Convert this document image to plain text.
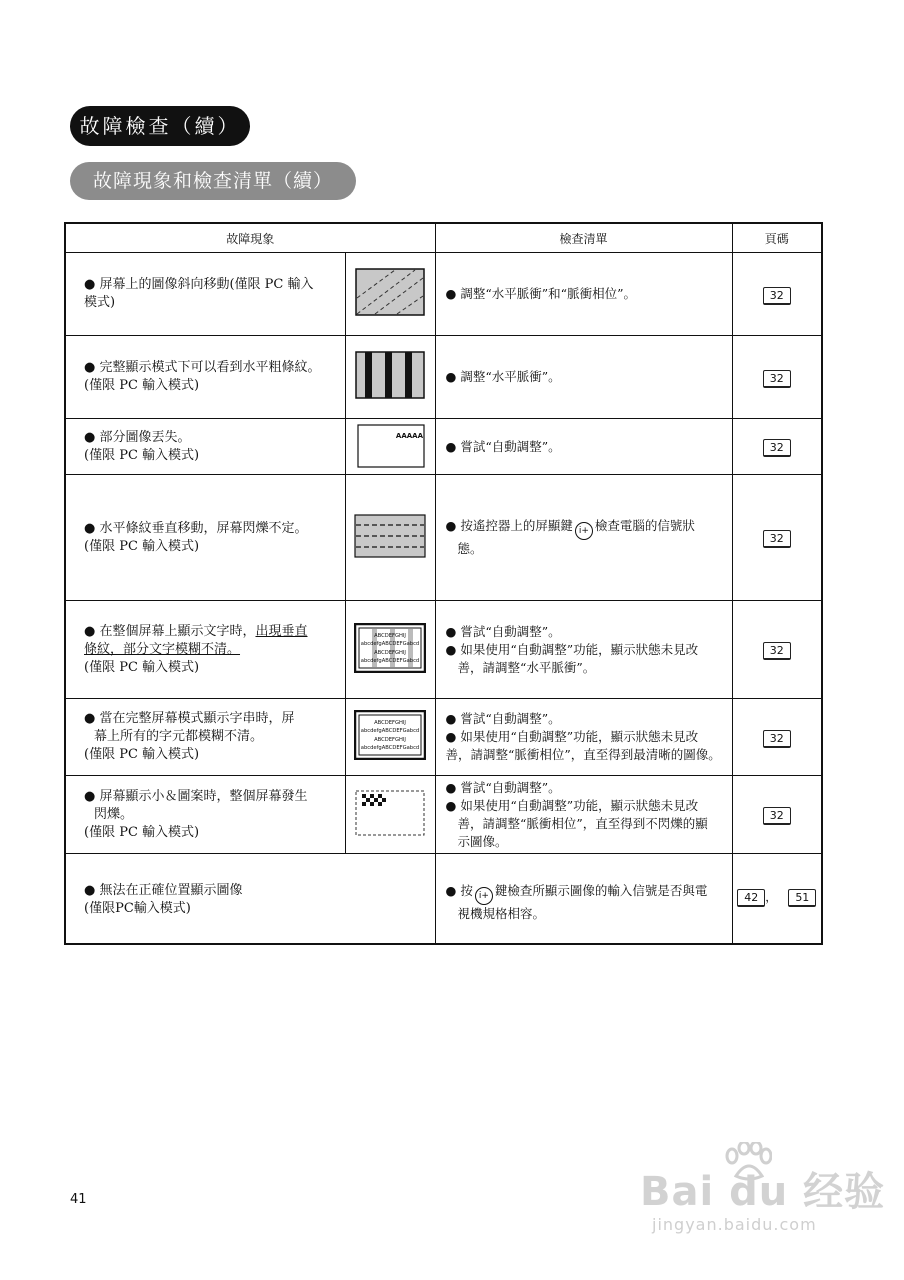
故障檢查（續）
故障現象和檢查清單（續）
故障現象		檢查清單	頁碼

● 屏幕上的圖像斜向移動(僅限 PC 輸入
模式)		● 調整“水平脈衝”和“脈衝相位”。	32

● 完整顯示模式下可以看到水平粗條紋。
(僅限 PC 輸入模式)		● 調整“水平脈衝”。	32

● 部分圖像丟失。
(僅限 PC 輸入模式)	AAAAA	● 嘗試“自動調整”。	32

● 水平條紋垂直移動，屏幕閃爍不定。
(僅限 PC 輸入模式)		● 按遙控器上的屏顯鍵 i+ 檢查電腦的信號狀
態。	32

● 在整個屏幕上顯示文字時，出現垂直
條紋，部分文字模糊不清。
(僅限 PC 輸入模式)	ABCDEFGHIJ
abcdefgABCDEFGabcd
ABCDEFGHIJ
abcdefgABCDEFGabcd	● 嘗試“自動調整”。
● 如果使用“自動調整”功能，顯示狀態未見改
善，請調整“水平脈衝”。	32

● 當在完整屏幕模式顯示字串時，屏
幕上所有的字元都模糊不清。
(僅限 PC 輸入模式)	ABCDEFGHIJ
abcdefgABCDEFGabcd
ABCDEFGHIJ
abcdefgABCDEFGabcd	● 嘗試“自動調整”。
● 如果使用“自動調整”功能，顯示狀態未見改
善，請調整“脈衝相位”，直至得到最清晰的圖像。	32

● 屏幕顯示小＆圖案時，整個屏幕發生
閃爍。
(僅限 PC 輸入模式)		● 嘗試“自動調整”。
● 如果使用“自動調整”功能，顯示狀態未見改
善，請調整“脈衝相位”，直至得到不閃爍的顯
示圖像。	32

● 無法在正確位置顯示圖像
(僅限PC輸入模式)		● 按 i+ 鍵檢查所顯示圖像的輸入信號是否與電
視機規格相容。	42 ， 51
41	Bai du 经验
jingyan.baidu.com
